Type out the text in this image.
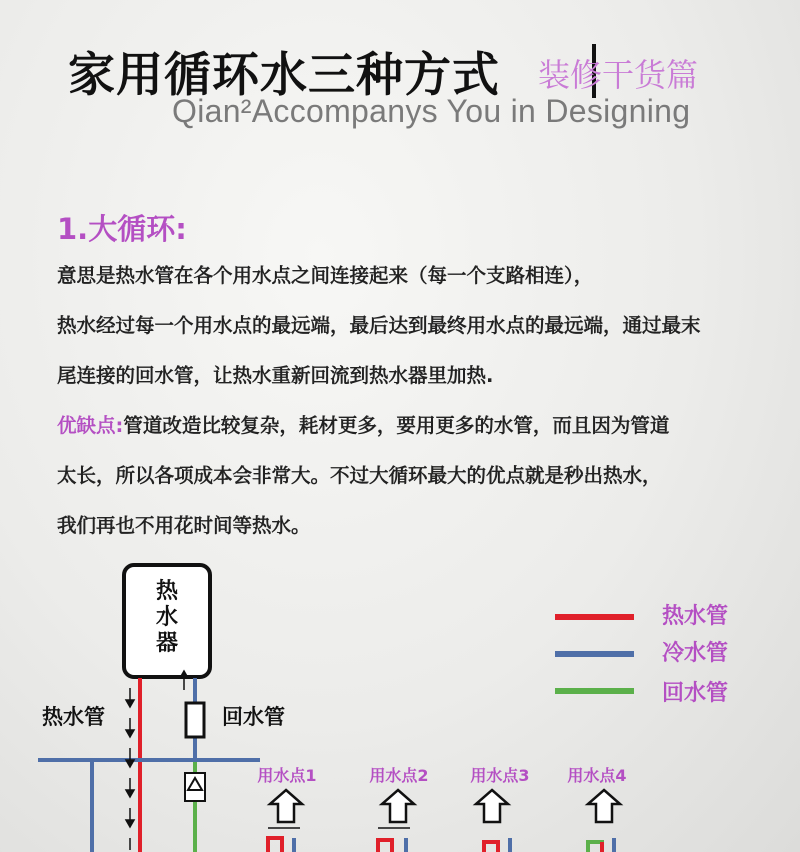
家用循环水三种方式 装修干货篇
Qian²Accompanys You in Designing
1.大循环:
意思是热水管在各个用水点之间连接起来（每一个支路相连），
热水经过每一个用水点的最远端，最后达到最终用水点的最远端，通过最末
尾连接的回水管，让热水重新回流到热水器里加热.
优缺点:管道改造比较复杂，耗材更多，要用更多的水管，而且因为管道
太长，所以各项成本会非常大。不过大循环最大的优点就是秒出热水，
我们再也不用花时间等热水。
热
水
器
热水管	回水管
热水管
冷水管
回水管
用水点1	用水点2	用水点3 用水点4
